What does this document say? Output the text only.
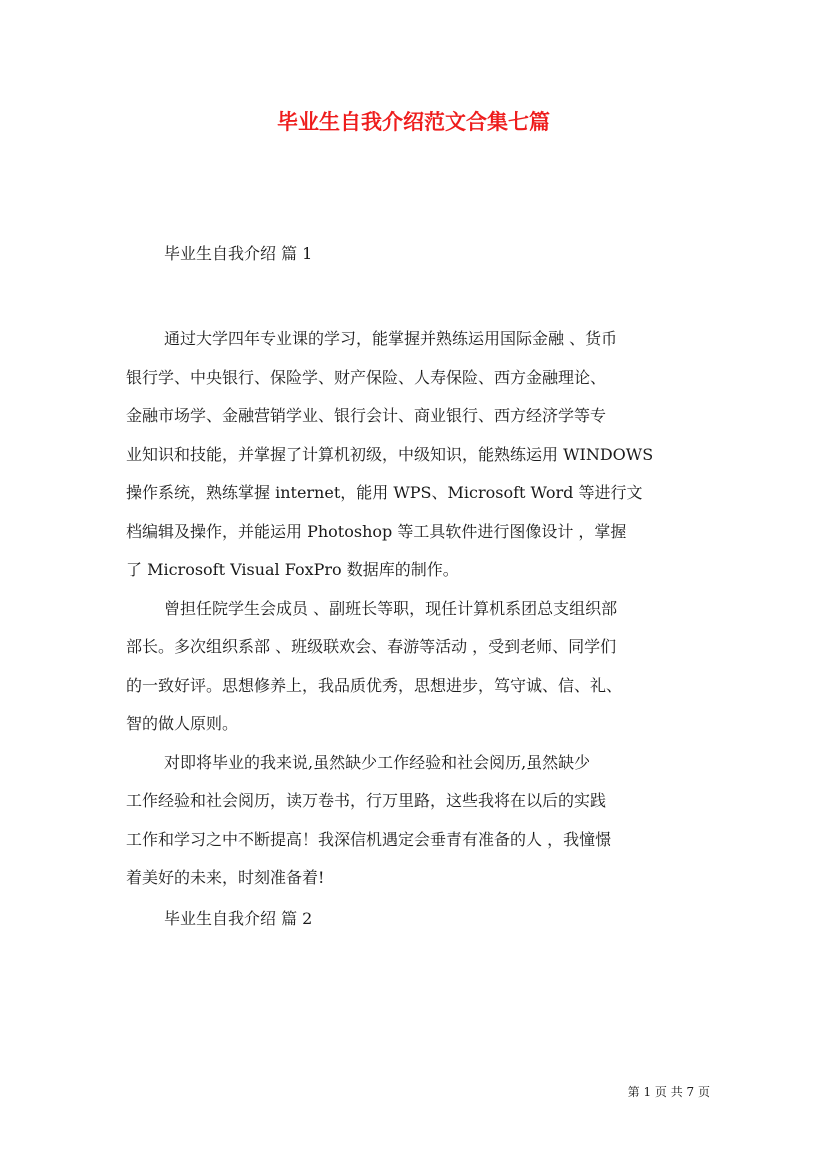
毕业生自我介绍范文合集七篇

毕业生自我介绍 篇 1

通过大学四年专业课的学习，能掌握并熟练运用国际金融 、货币
银行学、中央银行、保险学、财产保险、人寿保险、西方金融理论、
金融市场学、金融营销学业、银行会计、商业银行、西方经济学等专
业知识和技能，并掌握了计算机初级，中级知识，能熟练运用 WINDOWS
操作系统，熟练掌握 internet，能用 WPS、Microsoft Word 等进行文
档编辑及操作，并能运用 Photoshop 等工具软件进行图像设计 ，掌握
了 Microsoft Visual FoxPro 数据库的制作。
曾担任院学生会成员 、副班长等职，现任计算机系团总支组织部
部长。多次组织系部 、班级联欢会、春游等活动 ，受到老师、同学们
的一致好评。思想修养上，我品质优秀，思想进步，笃守诚、信、礼、
智的做人原则。
对即将毕业的我来说,虽然缺少工作经验和社会阅历,虽然缺少
工作经验和社会阅历，读万卷书，行万里路，这些我将在以后的实践
工作和学习之中不断提高！我深信机遇定会垂青有准备的人 ，我憧憬
着美好的未来，时刻准备着!

毕业生自我介绍 篇 2

第 1 页 共 7 页
